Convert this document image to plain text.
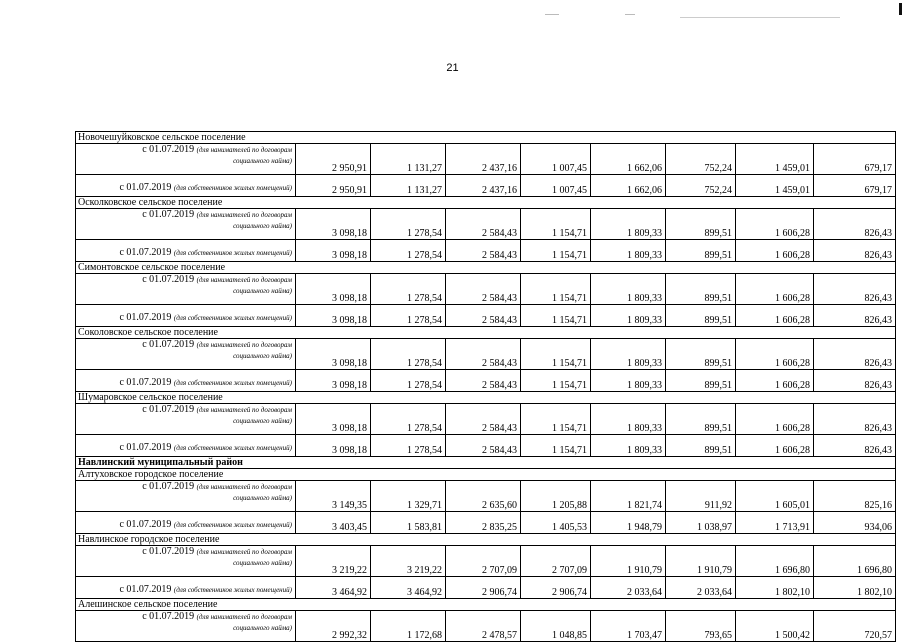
21
Новочешуйковское сельское поселение								
с 01.07.2019 (для нанимателей по договорам
социального найма)	2 950,91	1 131,27	2 437,16	1 007,45	1 662,06	752,24	1 459,01	679,17
с 01.07.2019 (для собственников жилых помещений)	2 950,91	1 131,27	2 437,16	1 007,45	1 662,06	752,24	1 459,01	679,17
Осколковское сельское поселение								
с 01.07.2019 (для нанимателей по договорам
социального найма)	3 098,18	1 278,54	2 584,43	1 154,71	1 809,33	899,51	1 606,28	826,43
с 01.07.2019 (для собственников жилых помещений)	3 098,18	1 278,54	2 584,43	1 154,71	1 809,33	899,51	1 606,28	826,43
Симонтовское сельское поселение								
с 01.07.2019 (для нанимателей по договорам
социального найма)	3 098,18	1 278,54	2 584,43	1 154,71	1 809,33	899,51	1 606,28	826,43
с 01.07.2019 (для собственников жилых помещений)	3 098,18	1 278,54	2 584,43	1 154,71	1 809,33	899,51	1 606,28	826,43
Соколовское сельское поселение								
с 01.07.2019 (для нанимателей по договорам
социального найма)	3 098,18	1 278,54	2 584,43	1 154,71	1 809,33	899,51	1 606,28	826,43
с 01.07.2019 (для собственников жилых помещений)	3 098,18	1 278,54	2 584,43	1 154,71	1 809,33	899,51	1 606,28	826,43
Шумаровское сельское поселение								
с 01.07.2019 (для нанимателей по договорам
социального найма)	3 098,18	1 278,54	2 584,43	1 154,71	1 809,33	899,51	1 606,28	826,43
с 01.07.2019 (для собственников жилых помещений)	3 098,18	1 278,54	2 584,43	1 154,71	1 809,33	899,51	1 606,28	826,43
Навлинский муниципальный район								
Алтуховское городское поселение								
с 01.07.2019 (для нанимателей по договорам
социального найма)	3 149,35	1 329,71	2 635,60	1 205,88	1 821,74	911,92	1 605,01	825,16
с 01.07.2019 (для собственников жилых помещений)	3 403,45	1 583,81	2 835,25	1 405,53	1 948,79	1 038,97	1 713,91	934,06
Навлинское городское поселение								
с 01.07.2019 (для нанимателей по договорам
социального найма)	3 219,22	3 219,22	2 707,09	2 707,09	1 910,79	1 910,79	1 696,80	1 696,80
с 01.07.2019 (для собственников жилых помещений)	3 464,92	3 464,92	2 906,74	2 906,74	2 033,64	2 033,64	1 802,10	1 802,10
Алешинское сельское поселение								
с 01.07.2019 (для нанимателей по договорам
социального найма)	2 992,32	1 172,68	2 478,57	1 048,85	1 703,47	793,65	1 500,42	720,57
